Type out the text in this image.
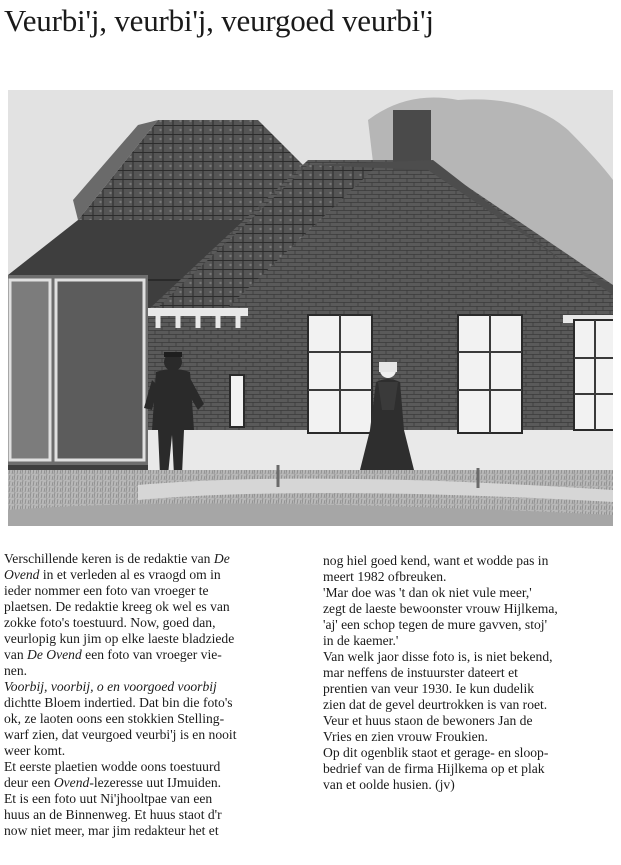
Veurbi'j, veurbi'j, veurgoed veurbi'j

Verschillende keren is de redaktie van De

Ovend in et verleden al es vraogd om in

ieder nommer een foto van vroeger te

plaetsen. De redaktie kreeg ok wel es van

zokke foto's toestuurd. Now, goed dan,

veurlopig kun jim op elke laeste bladziede

van De Ovend een foto van vroeger vie-

nen.

Voorbij, voorbij, o en voorgoed voorbij

dichtte Bloem indertied. Dat bin die foto's

ok, ze laoten oons een stokkien Stelling-

warf zien, dat veurgoed veurbi'j is en nooit

weer komt.

Et eerste plaetien wodde oons toestuurd

deur een Ovend-lezeresse uut IJmuiden.

Et is een foto uut Ni'jhooltpae van een

huus an de Binnenweg. Et huus staot d'r

now niet meer, mar jim redakteur het et

nog hiel goed kend, want et wodde pas in

meert 1982 ofbreuken.

'Mar doe was 't dan ok niet vule meer,'

zegt de laeste bewoonster vrouw Hijlkema,

'aj' een schop tegen de mure gavven, stoj'

in de kaemer.'

Van welk jaor disse foto is, is niet bekend,

mar neffens de instuurster dateert et

prentien van veur 1930. Ie kun dudelik

zien dat de gevel deurtrokken is van roet.

Veur et huus staon de bewoners Jan de

Vries en zien vrouw Froukien.

Op dit ogenblik staot et gerage- en sloop-

bedrief van de firma Hijlkema op et plak

van et oolde husien. (jv)
